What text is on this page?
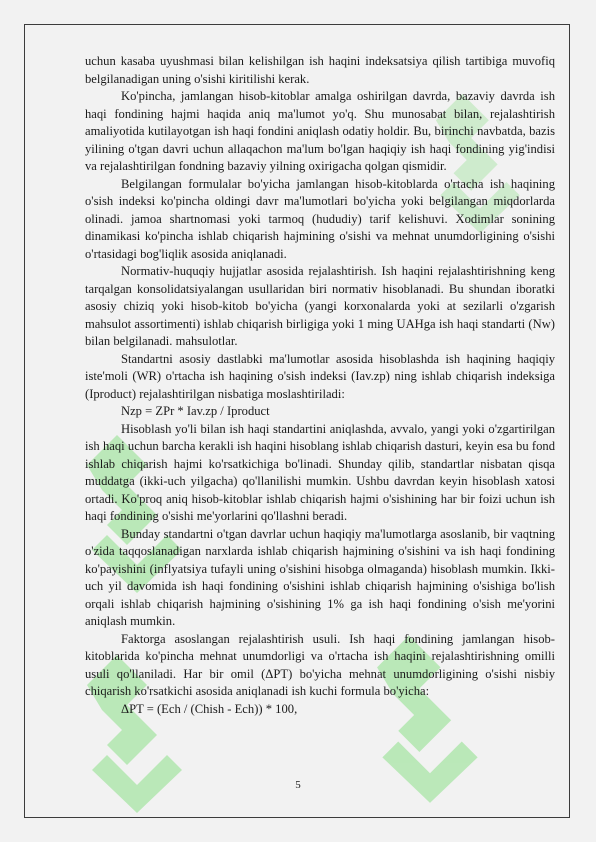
uchun kasaba uyushmasi bilan kelishilgan ish haqini indeksatsiya qilish tartibiga muvofiq belgilanadigan uning o'sishi kiritilishi kerak.

Ko'pincha, jamlangan hisob-kitoblar amalga oshirilgan davrda, bazaviy davrda ish haqi fondining hajmi haqida aniq ma'lumot yo'q. Shu munosabat bilan, rejalashtirish amaliyotida kutilayotgan ish haqi fondini aniqlash odatiy holdir. Bu, birinchi navbatda, bazis yilining o'tgan davri uchun allaqachon ma'lum bo'lgan haqiqiy ish haqi fondining yig'indisi va rejalashtirilgan fondning bazaviy yilning oxirigacha qolgan qismidir.

Belgilangan formulalar bo'yicha jamlangan hisob-kitoblarda o'rtacha ish haqining o'sish indeksi ko'pincha oldingi davr ma'lumotlari bo'yicha yoki belgilangan miqdorlarda olinadi. jamoa shartnomasi yoki tarmoq (hududiy) tarif kelishuvi. Xodimlar sonining dinamikasi ko'pincha ishlab chiqarish hajmining o'sishi va mehnat unumdorligining o'sishi o'rtasidagi bog'liqlik asosida aniqlanadi.

Normativ-huquqiy hujjatlar asosida rejalashtirish. Ish haqini rejalashtirishning keng tarqalgan konsolidatsiyalangan usullaridan biri normativ hisoblanadi. Bu shundan iboratki asosiy chiziq yoki hisob-kitob bo'yicha (yangi korxonalarda yoki at sezilarli o'zgarish mahsulot assortimenti) ishlab chiqarish birligiga yoki 1 ming UAHga ish haqi standarti (Nw) bilan belgilanadi. mahsulotlar.

Standartni asosiy dastlabki ma'lumotlar asosida hisoblashda ish haqining haqiqiy iste'moli (WR) o'rtacha ish haqining o'sish indeksi (Iav.zp) ning ishlab chiqarish indeksiga (Iproduct) rejalashtirilgan nisbatiga moslashtiriladi:

Nzp = ZPr * Iav.zp / Iproduct

Hisoblash yo'li bilan ish haqi standartini aniqlashda, avvalo, yangi yoki o'zgartirilgan ish haqi uchun barcha kerakli ish haqini hisoblang ishlab chiqarish dasturi, keyin esa bu fond ishlab chiqarish hajmi ko'rsatkichiga bo'linadi. Shunday qilib, standartlar nisbatan qisqa muddatga (ikki-uch yilgacha) qo'llanilishi mumkin. Ushbu davrdan keyin hisoblash xatosi ortadi. Ko'proq aniq hisob-kitoblar ishlab chiqarish hajmi o'sishining har bir foizi uchun ish haqi fondining o'sishi me'yorlarini qo'llashni beradi.

Bunday standartni o'tgan davrlar uchun haqiqiy ma'lumotlarga asoslanib, bir vaqtning o'zida taqqoslanadigan narxlarda ishlab chiqarish hajmining o'sishini va ish haqi fondining ko'payishini (inflyatsiya tufayli uning o'sishini hisobga olmaganda) hisoblash mumkin. Ikki-uch yil davomida ish haqi fondining o'sishini ishlab chiqarish hajmining o'sishiga bo'lish orqali ishlab chiqarish hajmining o'sishining 1% ga ish haqi fondining o'sish me'yorini aniqlash mumkin.

Faktorga asoslangan rejalashtirish usuli. Ish haqi fondining jamlangan hisob-kitoblarida ko'pincha mehnat unumdorligi va o'rtacha ish haqini rejalashtirishning omilli usuli qo'llaniladi. Har bir omil (ΔPT) bo'yicha mehnat unumdorligining o'sishi nisbiy chiqarish ko'rsatkichi asosida aniqlanadi ish kuchi formula bo'yicha:

ΔPT = (Ech / (Chish - Ech)) * 100,

5
